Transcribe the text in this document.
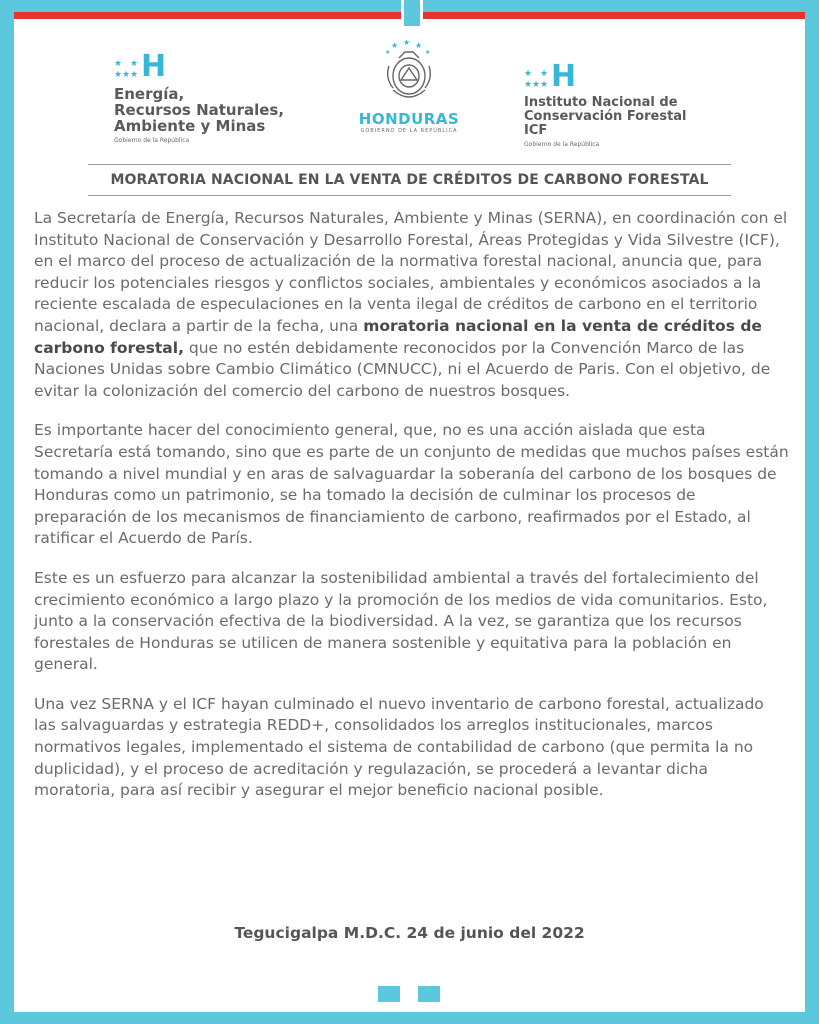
★ ★
★ ★ ★ H
Energía,
Recursos Naturales,
Ambiente y Minas
Gobierno de la República
★ ★ ★
★	★
HONDURAS
GOBIERNO DE LA REPÚBLICA
★ ★
★ ★ ★ H
Instituto Nacional de
Conservación Forestal
ICF
Gobierno de la República
MORATORIA NACIONAL EN LA VENTA DE CRÉDITOS DE CARBONO FORESTAL

La Secretaría de Energía, Recursos Naturales, Ambiente y Minas (SERNA), en coordinación con el Instituto Nacional de Conservación y Desarrollo Forestal, Áreas Protegidas y Vida Silvestre (ICF), en el marco del proceso de actualización de la normativa forestal nacional, anuncia que, para reducir los potenciales riesgos y conflictos sociales, ambientales y económicos asociados a la reciente escalada de especulaciones en la venta ilegal de créditos de carbono en el territorio nacional, declara a partir de la fecha, una moratoria nacional en la venta de créditos de carbono forestal, que no estén debidamente reconocidos por la Convención Marco de las Naciones Unidas sobre Cambio Climático (CMNUCC), ni el Acuerdo de Paris. Con el objetivo, de evitar la colonización del comercio del carbono de nuestros bosques.

Es importante hacer del conocimiento general, que, no es una acción aislada que esta Secretaría está tomando, sino que es parte de un conjunto de medidas que muchos países están tomando a nivel mundial y en aras de salvaguardar la soberanía del carbono de los bosques de Honduras como un patrimonio, se ha tomado la decisión de culminar los procesos de preparación de los mecanismos de financiamiento de carbono, reafirmados por el Estado, al ratificar el Acuerdo de París.

Este es un esfuerzo para alcanzar la sostenibilidad ambiental a través del fortalecimiento del crecimiento económico a largo plazo y la promoción de los medios de vida comunitarios. Esto, junto a la conservación efectiva de la biodiversidad. A la vez, se garantiza que los recursos forestales de Honduras se utilicen de manera sostenible y equitativa para la población en general.

Una vez SERNA y el ICF hayan culminado el nuevo inventario de carbono forestal, actualizado las salvaguardas y estrategia REDD+, consolidados los arreglos institucionales, marcos normativos legales, implementado el sistema de contabilidad de carbono (que permita la no duplicidad), y el proceso de acreditación y regulazación, se procederá a levantar dicha moratoria, para así recibir y asegurar el mejor beneficio nacional posible.

Tegucigalpa M.D.C. 24 de junio del 2022
